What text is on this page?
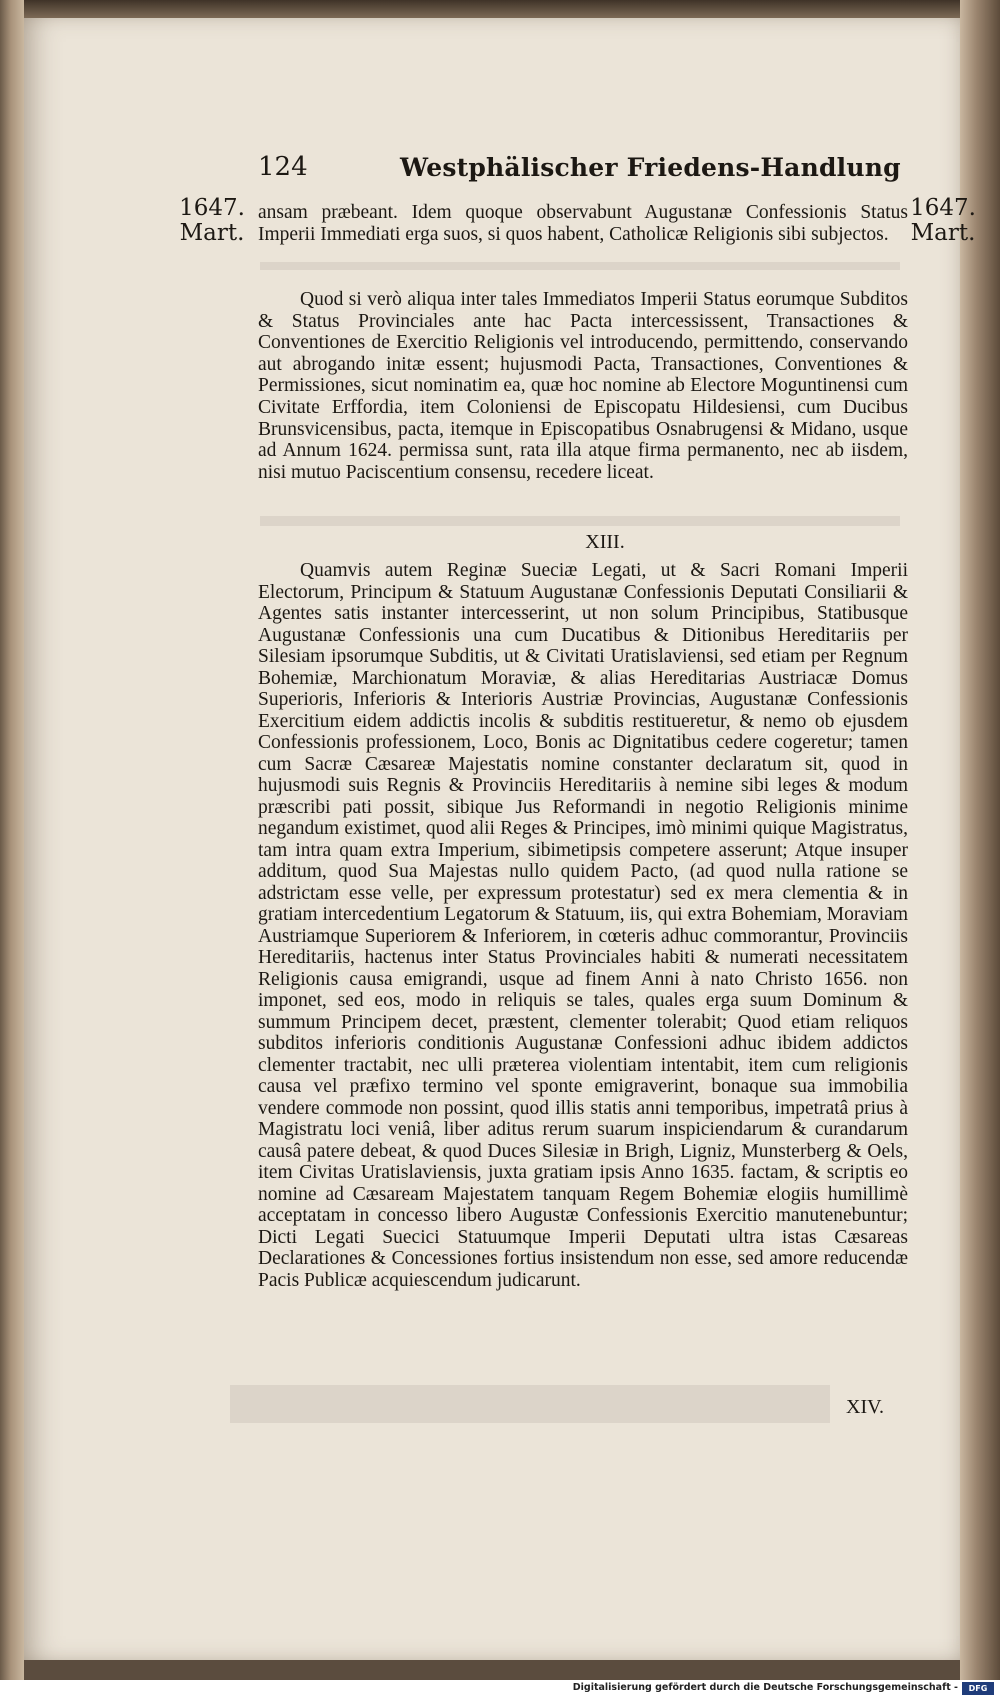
124	Westphälischer Friedens-Handlung
1647.
Mart.
1647.
Mart.

ansam præbeant. Idem quoque observabunt Augustanæ Confessionis Status Imperii Immediati erga suos, si quos habent, Catholicæ Religionis sibi subjectos.

Quod si verò aliqua inter tales Immediatos Imperii Status eorumque Subditos & Status Provinciales ante hac Pacta intercessissent, Transactiones & Conventiones de Exercitio Religionis vel introducendo, permittendo, conservando aut abrogando initæ essent; hujusmodi Pacta, Transactiones, Conventiones & Permissiones, sicut nominatim ea, quæ hoc nomine ab Electore Moguntinensi cum Civitate Erffordia, item Coloniensi de Episcopatu Hildesiensi, cum Ducibus Brunsvicensibus, pacta, itemque in Episcopatibus Osnabrugensi & Midano, usque ad Annum 1624. permissa sunt, rata illa atque firma permanento, nec ab iisdem, nisi mutuo Paciscentium consensu, recedere liceat.

XIII.

Quamvis autem Reginæ Sueciæ Legati, ut & Sacri Romani Imperii Electorum, Principum & Statuum Augustanæ Confessionis Deputati Consiliarii & Agentes satis instanter intercesserint, ut non solum Principibus, Statibusque Augustanæ Confessionis una cum Ducatibus & Ditionibus Hereditariis per Silesiam ipsorumque Subditis, ut & Civitati Uratislaviensi, sed etiam per Regnum Bohemiæ, Marchionatum Moraviæ, & alias Hereditarias Austriacæ Domus Superioris, Inferioris & Interioris Austriæ Provincias, Augustanæ Confessionis Exercitium eidem addictis incolis & subditis restitueretur, & nemo ob ejusdem Confessionis professionem, Loco, Bonis ac Dignitatibus cedere cogeretur; tamen cum Sacræ Cæsareæ Majestatis nomine constanter declaratum sit, quod in hujusmodi suis Regnis & Provinciis Hereditariis à nemine sibi leges & modum præscribi pati possit, sibique Jus Reformandi in negotio Religionis minime negandum existimet, quod alii Reges & Principes, imò minimi quique Magistratus, tam intra quam extra Imperium, sibimetipsis competere asserunt; Atque insuper additum, quod Sua Majestas nullo quidem Pacto, (ad quod nulla ratione se adstrictam esse velle, per expressum protestatur) sed ex mera clementia & in gratiam intercedentium Legatorum & Statuum, iis, qui extra Bohemiam, Moraviam Austriamque Superiorem & Inferiorem, in cœteris adhuc commorantur, Provinciis Hereditariis, hactenus inter Status Provinciales habiti & numerati necessitatem Religionis causa emigrandi, usque ad finem Anni à nato Christo 1656. non imponet, sed eos, modo in reliquis se tales, quales erga suum Dominum & summum Principem decet, præstent, clementer tolerabit; Quod etiam reliquos subditos inferioris conditionis Augustanæ Confessioni adhuc ibidem addictos clementer tractabit, nec ulli præterea violentiam intentabit, item cum religionis causa vel præfixo termino vel sponte emigraverint, bonaque sua immobilia vendere commode non possint, quod illis statis anni temporibus, impetratâ prius à Magistratu loci veniâ, liber aditus rerum suarum inspiciendarum & curandarum causâ patere debeat, & quod Duces Silesiæ in Brigh, Ligniz, Munsterberg & Oels, item Civitas Uratislaviensis, juxta gratiam ipsis Anno 1635. factam, & scriptis eo nomine ad Cæsaream Majestatem tanquam Regem Bohemiæ elogiis humillimè acceptatam in concesso libero Augustæ Confessionis Exercitio manutenebuntur; Dicti Legati Suecici Statuumque Imperii Deputati ultra istas Cæsareas Declarationes & Concessiones fortius insistendum non esse, sed amore reducendæ Pacis Publicæ acquiescendum judicarunt.

XIV.
Digitalisierung gefördert durch die Deutsche Forschungsgemeinschaft -	DFG
